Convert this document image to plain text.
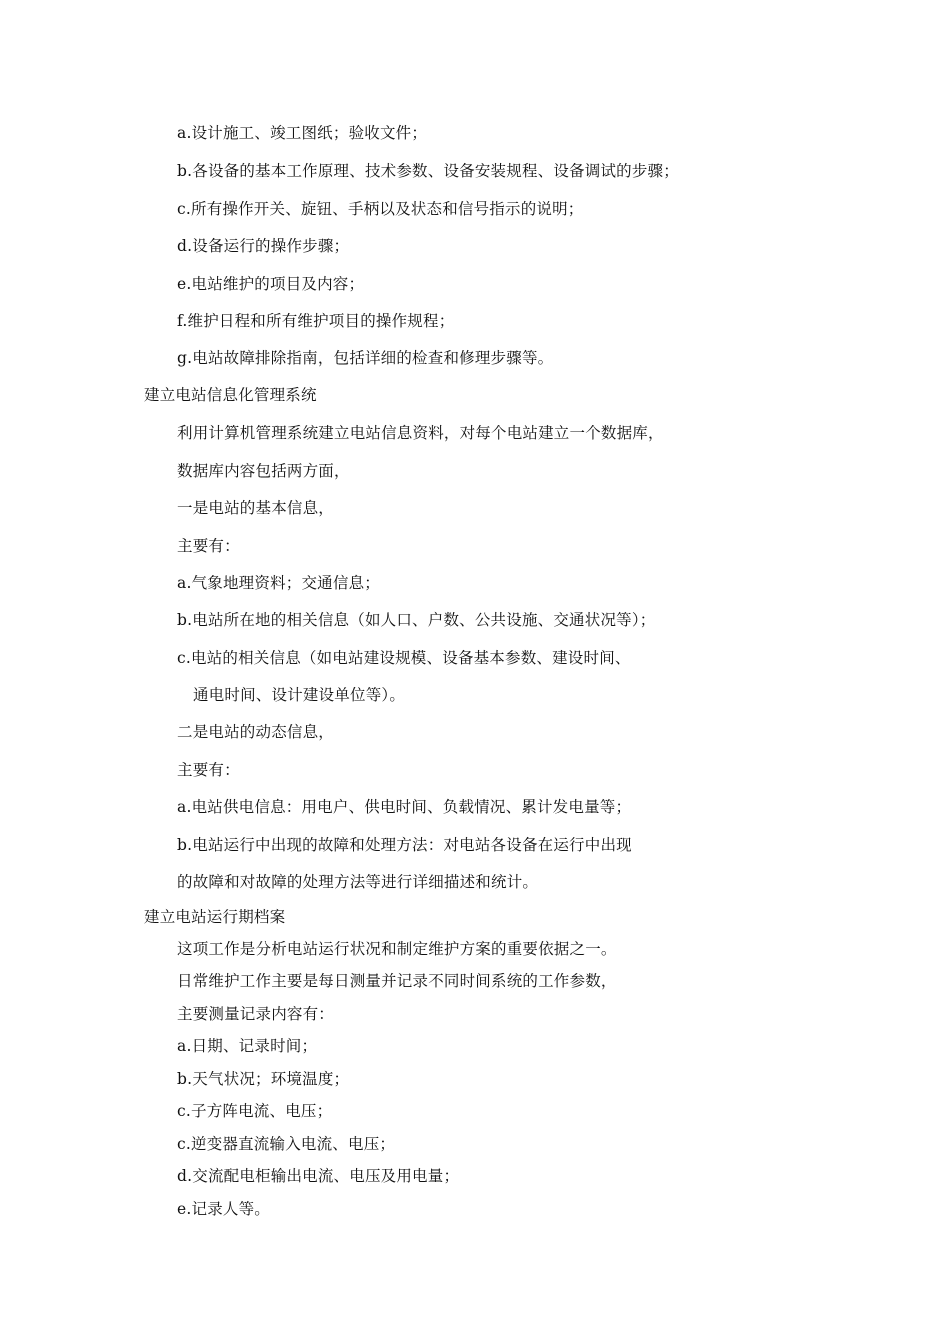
a.设计施工、竣工图纸；验收文件；
b.各设备的基本工作原理、技术参数、设备安装规程、设备调试的步骤；
c.所有操作开关、旋钮、手柄以及状态和信号指示的说明；
d.设备运行的操作步骤；
e.电站维护的项目及内容；
f.维护日程和所有维护项目的操作规程；
g.电站故障排除指南，包括详细的检查和修理步骤等。
建立电站信息化管理系统
利用计算机管理系统建立电站信息资料，对每个电站建立一个数据库，
数据库内容包括两方面，
一是电站的基本信息，
主要有：
a.气象地理资料；交通信息；
b.电站所在地的相关信息（如人口、户数、公共设施、交通状况等）；
c.电站的相关信息（如电站建设规模、设备基本参数、建设时间、
通电时间、设计建设单位等）。
二是电站的动态信息，
主要有：
a.电站供电信息：用电户、供电时间、负载情况、累计发电量等；
b.电站运行中出现的故障和处理方法：对电站各设备在运行中出现
的故障和对故障的处理方法等进行详细描述和统计。
建立电站运行期档案
这项工作是分析电站运行状况和制定维护方案的重要依据之一。
日常维护工作主要是每日测量并记录不同时间系统的工作参数，
主要测量记录内容有：
a.日期、记录时间；
b.天气状况；环境温度；
c.子方阵电流、电压；
c.逆变器直流输入电流、电压；
d.交流配电柜输出电流、电压及用电量；
e.记录人等。
